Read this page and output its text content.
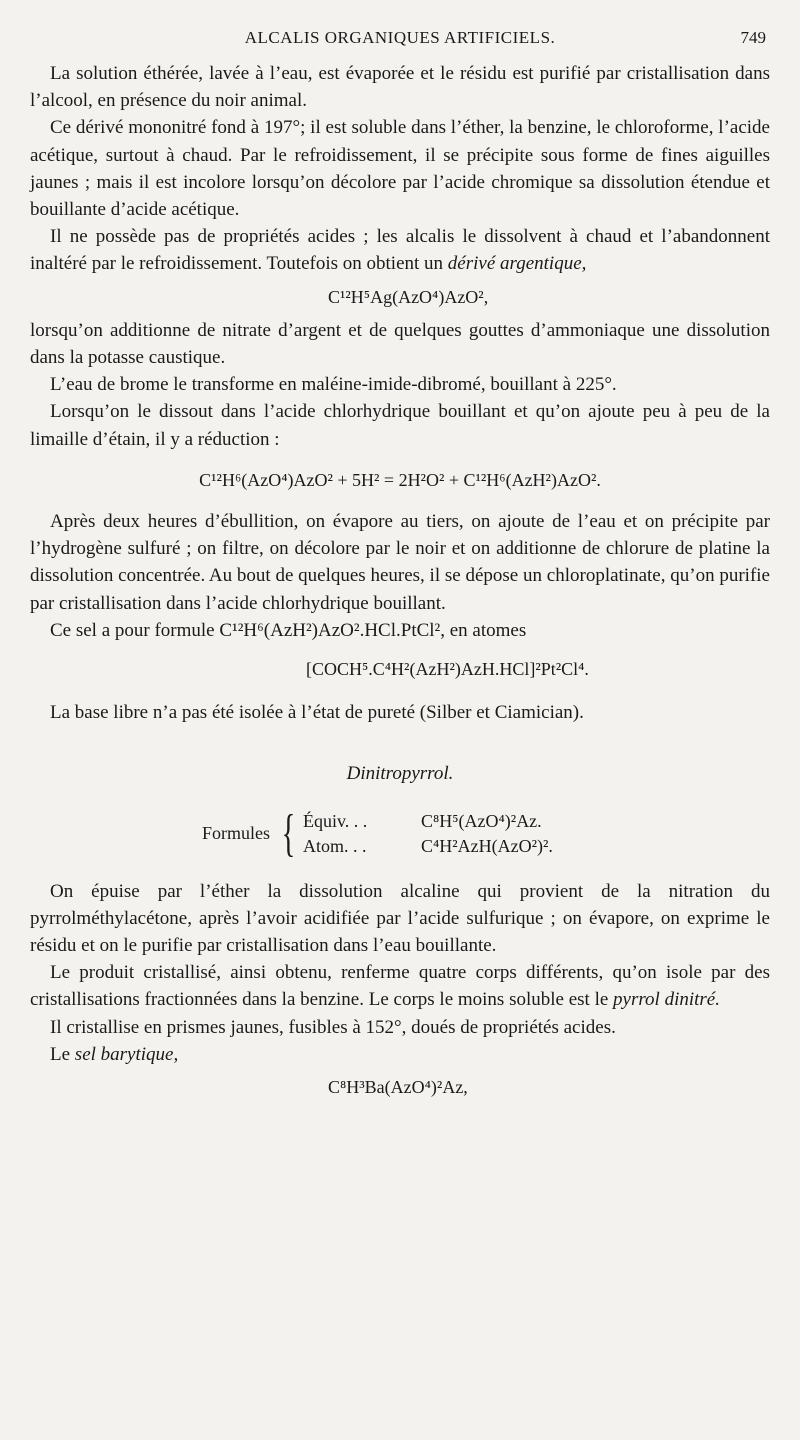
ALCALIS ORGANIQUES ARTIFICIELS.	749

La solution éthérée, lavée à l’eau, est évaporée et le résidu est purifié par cristallisation dans l’alcool, en présence du noir animal.

Ce dérivé mononitré fond à 197°; il est soluble dans l’éther, la benzine, le chloroforme, l’acide acétique, surtout à chaud. Par le refroidissement, il se précipite sous forme de fines aiguilles jaunes ; mais il est incolore lorsqu’on décolore par l’acide chromique sa dissolution étendue et bouillante d’acide acétique.

Il ne possède pas de propriétés acides ; les alcalis le dissolvent à chaud et l’abandonnent inaltéré par le refroidissement. Toutefois on obtient un dérivé argentique,

C¹²H⁵Ag(AzO⁴)AzO²,

lorsqu’on additionne de nitrate d’argent et de quelques gouttes d’ammoniaque une dissolution dans la potasse caustique.

L’eau de brome le transforme en maléine-imide-dibromé, bouillant à 225°.

Lorsqu’on le dissout dans l’acide chlorhydrique bouillant et qu’on ajoute peu à peu de la limaille d’étain, il y a réduction :

C¹²H⁶(AzO⁴)AzO² + 5H² = 2H²O² + C¹²H⁶(AzH²)AzO².

Après deux heures d’ébullition, on évapore au tiers, on ajoute de l’eau et on précipite par l’hydrogène sulfuré ; on filtre, on décolore par le noir et on additionne de chlorure de platine la dissolution concentrée. Au bout de quelques heures, il se dépose un chloroplatinate, qu’on purifie par cristallisation dans l’acide chlorhydrique bouillant.

Ce sel a pour formule C¹²H⁶(AzH²)AzO².HCl.PtCl², en atomes

[COCH⁵.C⁴H²(AzH²)AzH.HCl]²Pt²Cl⁴.

La base libre n’a pas été isolée à l’état de pureté (Silber et Ciamician).

Dinitropyrrol.
Formules { Équiv. . .	C⁸H⁵(AzO⁴)²Az.
Atom. . .	C⁴H²AzH(AzO²)².

On épuise par l’éther la dissolution alcaline qui provient de la nitration du pyrrolméthylacétone, après l’avoir acidifiée par l’acide sulfurique ; on évapore, on exprime le résidu et on le purifie par cristallisation dans l’eau bouillante.

Le produit cristallisé, ainsi obtenu, renferme quatre corps différents, qu’on isole par des cristallisations fractionnées dans la benzine. Le corps le moins soluble est le pyrrol dinitré.

Il cristallise en prismes jaunes, fusibles à 152°, doués de propriétés acides.

Le sel barytique,

C⁸H³Ba(AzO⁴)²Az,
